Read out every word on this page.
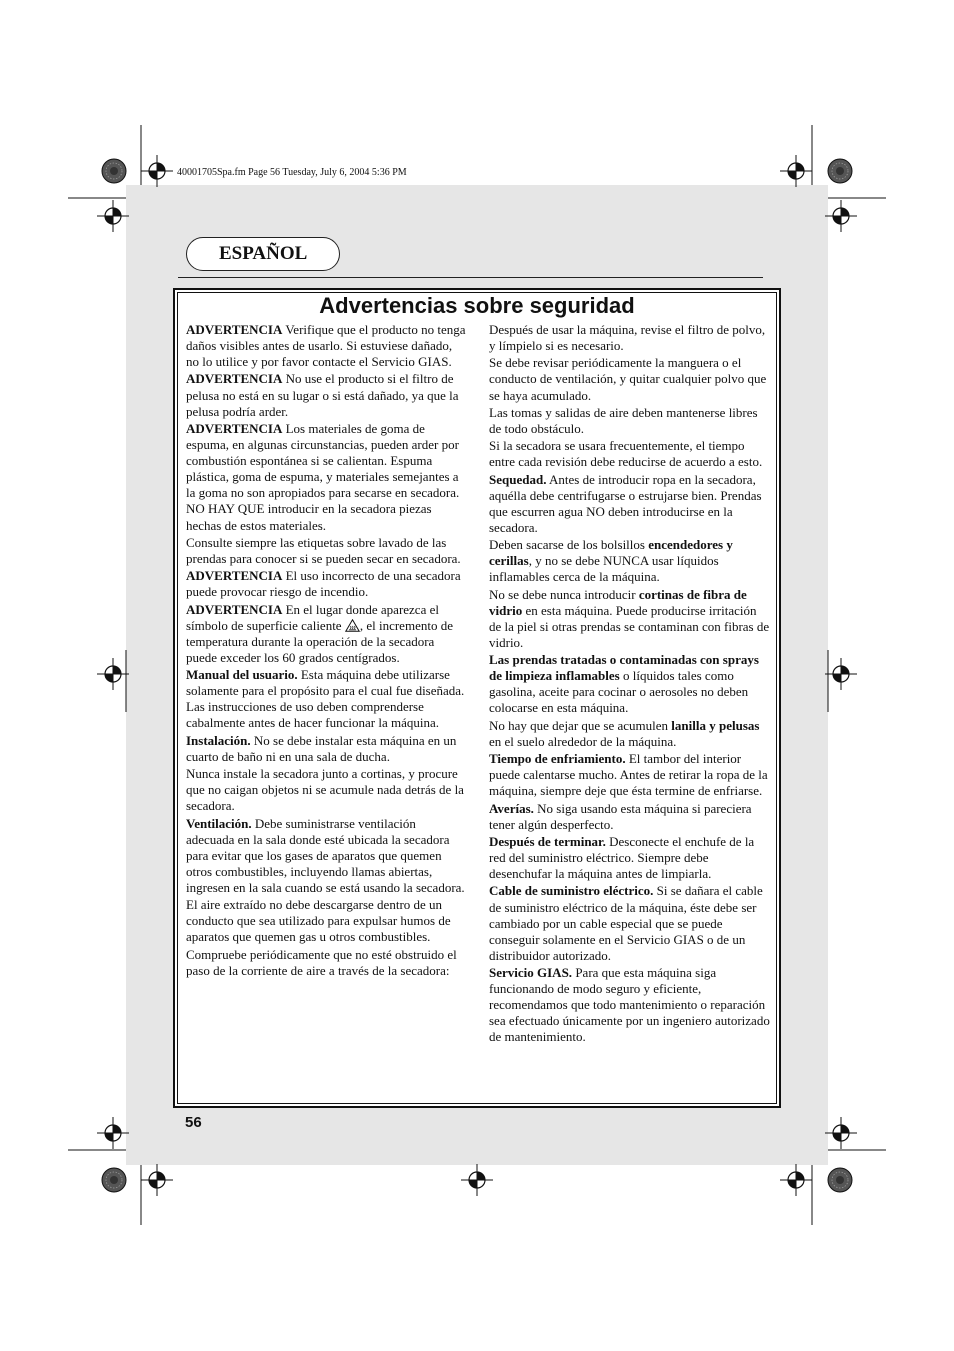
40001705Spa.fm Page 56 Tuesday, July 6, 2004 5:36 PM
ESPAÑOL
Advertencias sobre seguridad

ADVERTENCIA Verifique que el producto no tenga daños visibles antes de usarlo. Si estuviese dañado, no lo utilice y por favor contacte el Servicio GIAS.

ADVERTENCIA No use el producto si el filtro de pelusa no está en su lugar o si está dañado, ya que la pelusa podría arder.

ADVERTENCIA Los materiales de goma de espuma, en algunas circunstancias, pueden arder por combustión espontánea si se calientan. Espuma plástica, goma de espuma, y materiales semejantes a la goma no son apropiados para secarse en secadora. NO HAY QUE introducir en la secadora piezas hechas de estos materiales.

Consulte siempre las etiquetas sobre lavado de las prendas para conocer si se pueden secar en secadora.

ADVERTENCIA El uso incorrecto de una secadora puede provocar riesgo de incendio.

ADVERTENCIA En el lugar donde aparezca el símbolo de superficie caliente , el incremento de temperatura durante la operación de la secadora puede exceder los 60 grados centígrados.

Manual del usuario. Esta máquina debe utilizarse solamente para el propósito para el cual fue diseñada. Las instrucciones de uso deben comprenderse cabalmente antes de hacer funcionar la máquina.

Instalación. No se debe instalar esta máquina en un cuarto de baño ni en una sala de ducha.

Nunca instale la secadora junto a cortinas, y procure que no caigan objetos ni se acumule nada detrás de la secadora.

Ventilación. Debe suministrarse ventilación adecuada en la sala donde esté ubicada la secadora para evitar que los gases de aparatos que quemen otros combustibles, incluyendo llamas abiertas, ingresen en la sala cuando se está usando la secadora.

El aire extraído no debe descargarse dentro de un conducto que sea utilizado para expulsar humos de aparatos que quemen gas u otros combustibles.

Compruebe periódicamente que no esté obstruido el paso de la corriente de aire a través de la secadora:

Después de usar la máquina, revise el filtro de polvo, y límpielo si es necesario.

Se debe revisar periódicamente la manguera o el conducto de ventilación, y quitar cualquier polvo que se haya acumulado.

Las tomas y salidas de aire deben mantenerse libres de todo obstáculo.

Si la secadora se usara frecuentemente, el tiempo entre cada revisión debe reducirse de acuerdo a esto.

Sequedad. Antes de introducir ropa en la secadora, aquélla debe centrifugarse o estrujarse bien. Prendas que escurren agua NO deben introducirse en la secadora.

Deben sacarse de los bolsillos encendedores y cerillas, y no se debe NUNCA usar líquidos inflamables cerca de la máquina.

No se debe nunca introducir cortinas de fibra de vidrio en esta máquina. Puede producirse irritación de la piel si otras prendas se contaminan con fibras de vidrio.

Las prendas tratadas o contaminadas con sprays de limpieza inflamables o líquidos tales como gasolina, aceite para cocinar o aerosoles no deben colocarse en esta máquina.

No hay que dejar que se acumulen lanilla y pelusas en el suelo alrededor de la máquina.

Tiempo de enfriamiento. El tambor del interior puede calentarse mucho. Antes de retirar la ropa de la máquina, siempre deje que ésta termine de enfriarse.

Averías. No siga usando esta máquina si pareciera tener algún desperfecto.

Después de terminar. Desconecte el enchufe de la red del suministro eléctrico. Siempre debe desenchufar la máquina antes de limpiarla.

Cable de suministro eléctrico. Si se dañara el cable de suministro eléctrico de la máquina, éste debe ser cambiado por un cable especial que se puede conseguir solamente en el Servicio GIAS o de un distribuidor autorizado.

Servicio GIAS. Para que esta máquina siga funcionando de modo seguro y eficiente, recomendamos que todo mantenimiento o reparación sea efectuado únicamente por un ingeniero autorizado de mantenimiento.

56
